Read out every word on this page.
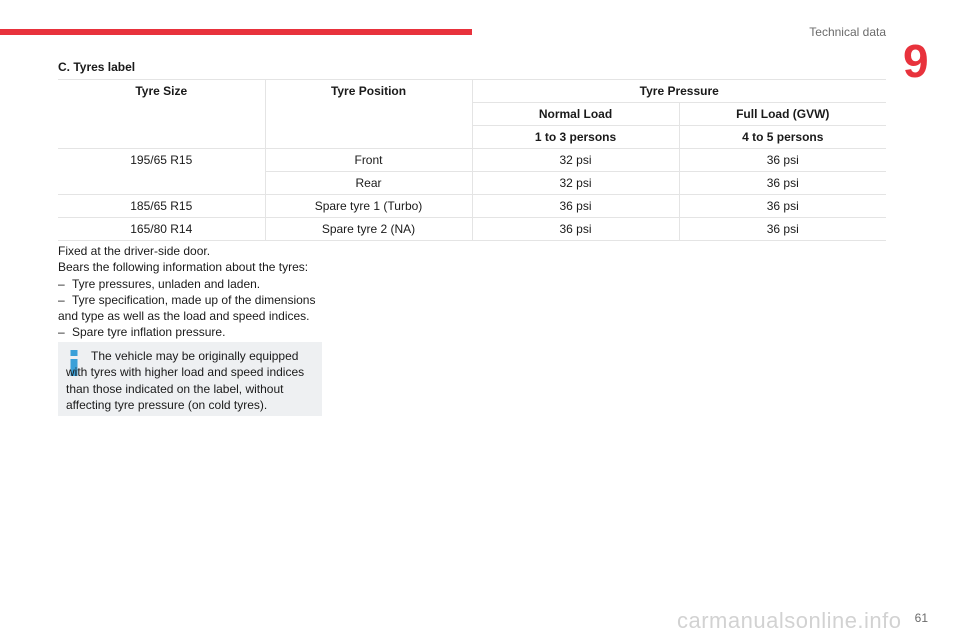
Technical data
9
C. Tyres label
Tyre Size	Tyre Position	Tyre Pressure	
		Normal Load	Full Load (GVW)
		1 to 3 persons	4 to 5 persons
195/65 R15	Front	32 psi	36 psi
	Rear	32 psi	36 psi
185/65 R15	Spare tyre 1 (Turbo)	36 psi	36 psi
165/80 R14	Spare tyre 2 (NA)	36 psi	36 psi

Fixed at the driver-side door.

Bears the following information about the tyres:

– Tyre pressures, unladen and laden.

– Tyre specification, made up of the dimensions and type as well as the load and speed indices.

– Spare tyre inflation pressure.

The vehicle may be originally equipped with tyres with higher load and speed indices than those indicated on the label, without affecting tyre pressure (on cold tyres).
carmanualsonline.info 61
